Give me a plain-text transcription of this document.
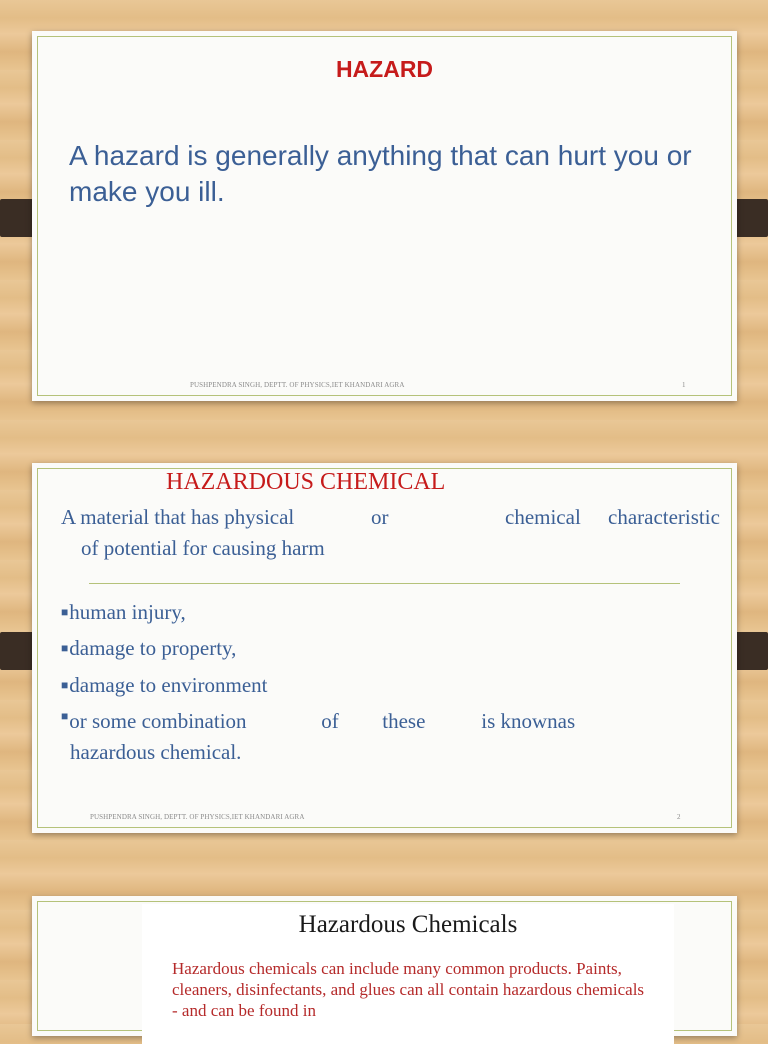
HAZARD
A hazard is generally anything that can hurt you or make you ill.
PUSHPENDRA SINGH, DEPTT. OF PHYSICS,IET KHANDARI AGRA	1
HAZARDOUS CHEMICAL
A material that has physical	or	chemical	characteristic
of potential for causing harm
■human injury,
■damage to property,
■damage to environment
■ or some combination	of	these	is knownas
hazardous chemical.
PUSHPENDRA SINGH, DEPTT. OF PHYSICS,IET KHANDARI AGRA	2
Hazardous Chemicals
Hazardous chemicals can include many common products. Paints, cleaners, disinfectants, and glues can all contain hazardous chemicals - and can be found in
